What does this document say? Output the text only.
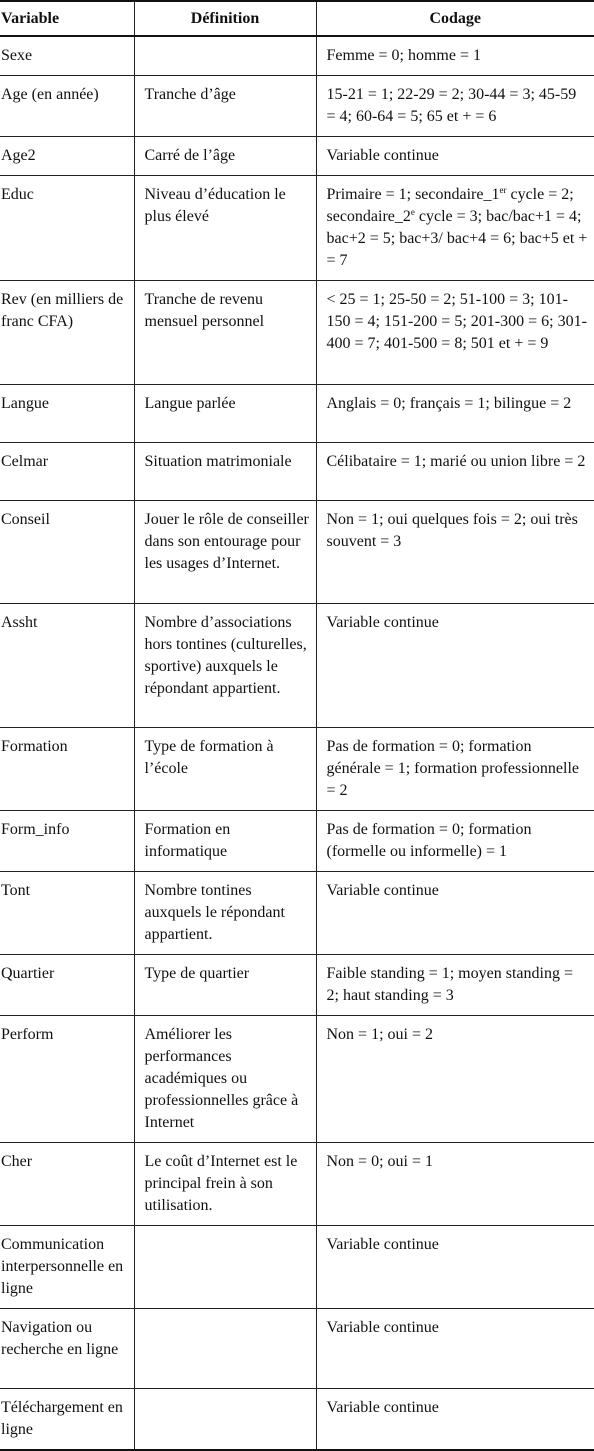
Variable	Définition	Codage
Sexe		Femme = 0; homme = 1
Age (en année)	Tranche d’âge	15-21 = 1; 22-29 = 2; 30-44 = 3; 45-59 = 4; 60-64 = 5; 65 et + = 6
Age2	Carré de l’âge	Variable continue
Educ	Niveau d’éducation le plus élevé	Primaire = 1; secondaire_1er cycle = 2; secondaire_2e cycle = 3; bac/bac+1 = 4; bac+2 = 5; bac+3/ bac+4 = 6; bac+5 et + = 7
Rev (en milliers de franc CFA)	Tranche de revenu mensuel personnel	< 25 = 1; 25-50 = 2; 51-100 = 3; 101-150 = 4; 151-200 = 5; 201-300 = 6; 301-400 = 7; 401-500 = 8; 501 et + = 9
Langue	Langue parlée	Anglais = 0; français = 1; bilingue = 2
Celmar	Situation matrimoniale	Célibataire = 1; marié ou union libre = 2
Conseil	Jouer le rôle de conseiller dans son entourage pour les usages d’Internet.	Non = 1; oui quelques fois = 2; oui très souvent = 3
Assht	Nombre d’associations hors tontines (culturelles, sportive) auxquels le répondant appartient.	Variable continue
Formation	Type de formation à l’école	Pas de formation = 0; formation générale = 1; formation professionnelle = 2
Form_info	Formation en informatique	Pas de formation = 0; formation (formelle ou informelle) = 1
Tont	Nombre tontines auxquels le répondant appartient.	Variable continue
Quartier	Type de quartier	Faible standing = 1; moyen standing = 2; haut standing = 3
Perform	Améliorer les performances académiques ou professionnelles grâce à Internet	Non = 1; oui = 2
Cher	Le coût d’Internet est le principal frein à son utilisation.	Non = 0; oui = 1
Communication interpersonnelle en ligne		Variable continue
Navigation ou recherche en ligne		Variable continue
Téléchargement en ligne		Variable continue
